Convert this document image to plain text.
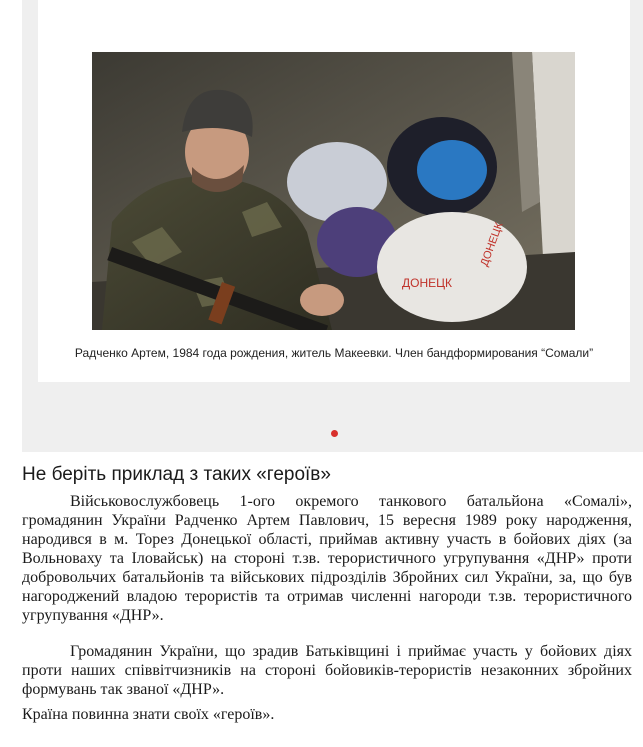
ДОНЕЦК
ДОНЕЦК
Радченко Артем, 1984 года рождения, житель Макеевки. Член бандформирования “Сомали”
Не беріть приклад з таких «героїв»

Військовослужбовець 1-ого окремого танкового батальйона «Сомалі», громадянин України Радченко Артем Павлович, 15 вересня 1989 року народження, народився в м. Торез Донецької області, приймав активну участь в бойових діях (за Вольноваху та Іловайськ) на стороні т.зв. терористичного угрупування «ДНР» проти добровольчих батальйонів та військових підрозділів Збройних сил України, за, що був нагороджений владою терористів та отримав численні нагороди т.зв. терористичного угрупування «ДНР».

Громадянин України, що зрадив Батьківщині і приймає участь у бойових діях проти наших співвітчизників на стороні бойовиків-терористів незаконних збройних формувань так званої «ДНР».

Країна повинна знати своїх «героїв».
